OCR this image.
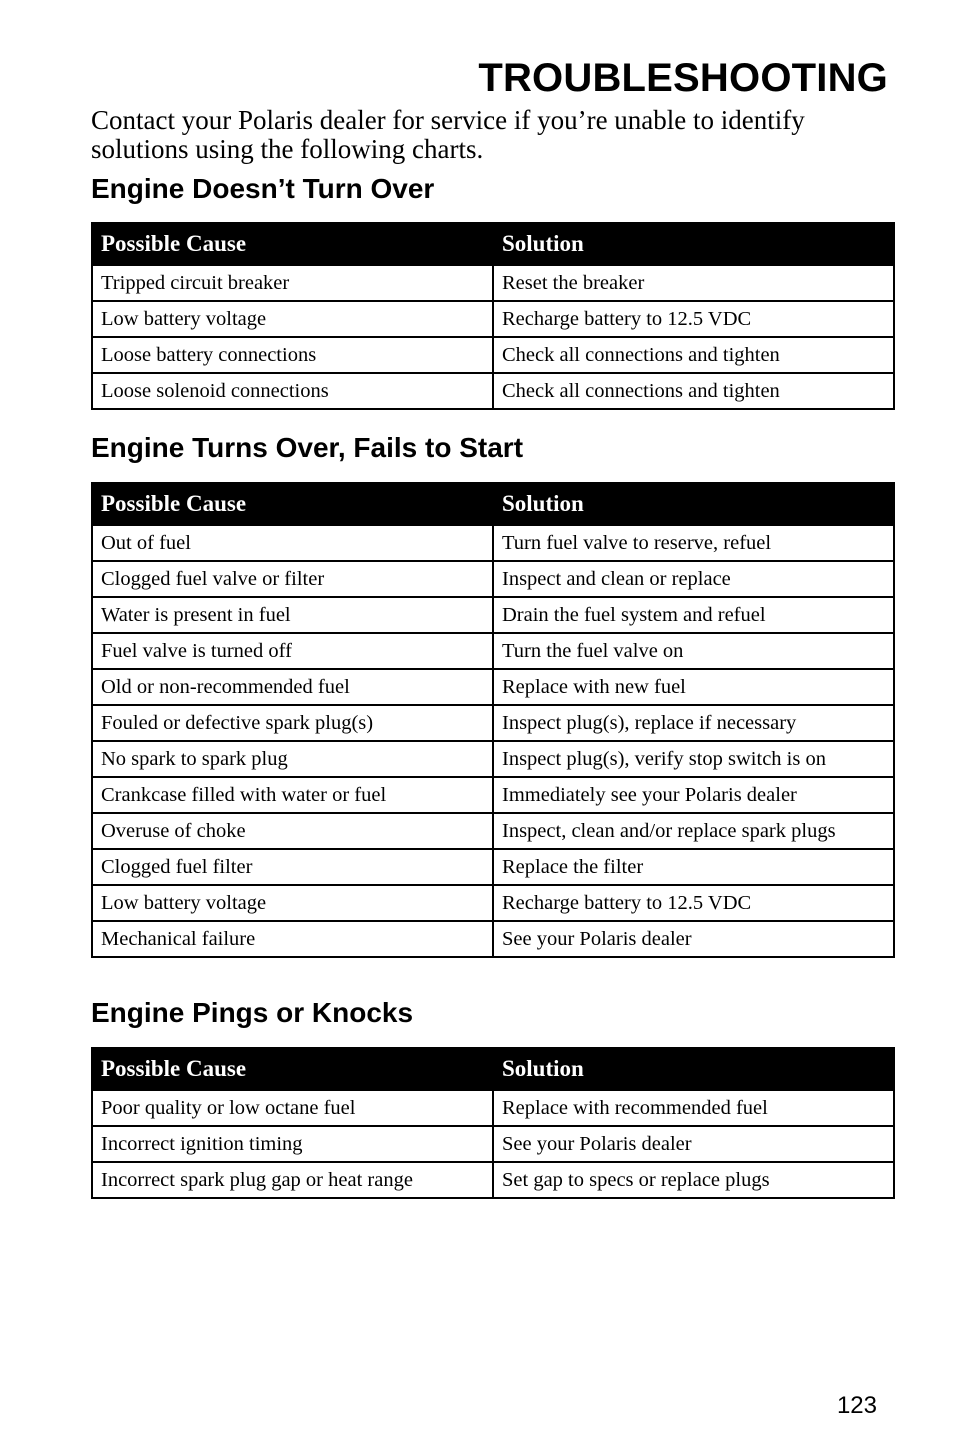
TROUBLESHOOTING
Contact your Polaris dealer for service if you’re unable to identify solutions using the following charts.
Engine Doesn’t Turn Over
Possible Cause	Solution
Tripped circuit breaker	Reset the breaker
Low battery voltage	Recharge battery to 12.5 VDC
Loose battery connections	Check all connections and tighten
Loose solenoid connections	Check all connections and tighten
Engine Turns Over, Fails to Start
Possible Cause	Solution
Out of fuel	Turn fuel valve to reserve, refuel
Clogged fuel valve or filter	Inspect and clean or replace
Water is present in fuel	Drain the fuel system and refuel
Fuel valve is turned off	Turn the fuel valve on
Old or non-recommended fuel	Replace with new fuel
Fouled or defective spark plug(s)	Inspect plug(s), replace if necessary
No spark to spark plug	Inspect plug(s), verify stop switch is on
Crankcase filled with water or fuel	Immediately see your Polaris dealer
Overuse of choke	Inspect, clean and/or replace spark plugs
Clogged fuel filter	Replace the filter
Low battery voltage	Recharge battery to 12.5 VDC
Mechanical failure	See your Polaris dealer
Engine Pings or Knocks
Possible Cause	Solution
Poor quality or low octane fuel	Replace with recommended fuel
Incorrect ignition timing	See your Polaris dealer
Incorrect spark plug gap or heat range	Set gap to specs or replace plugs
123
